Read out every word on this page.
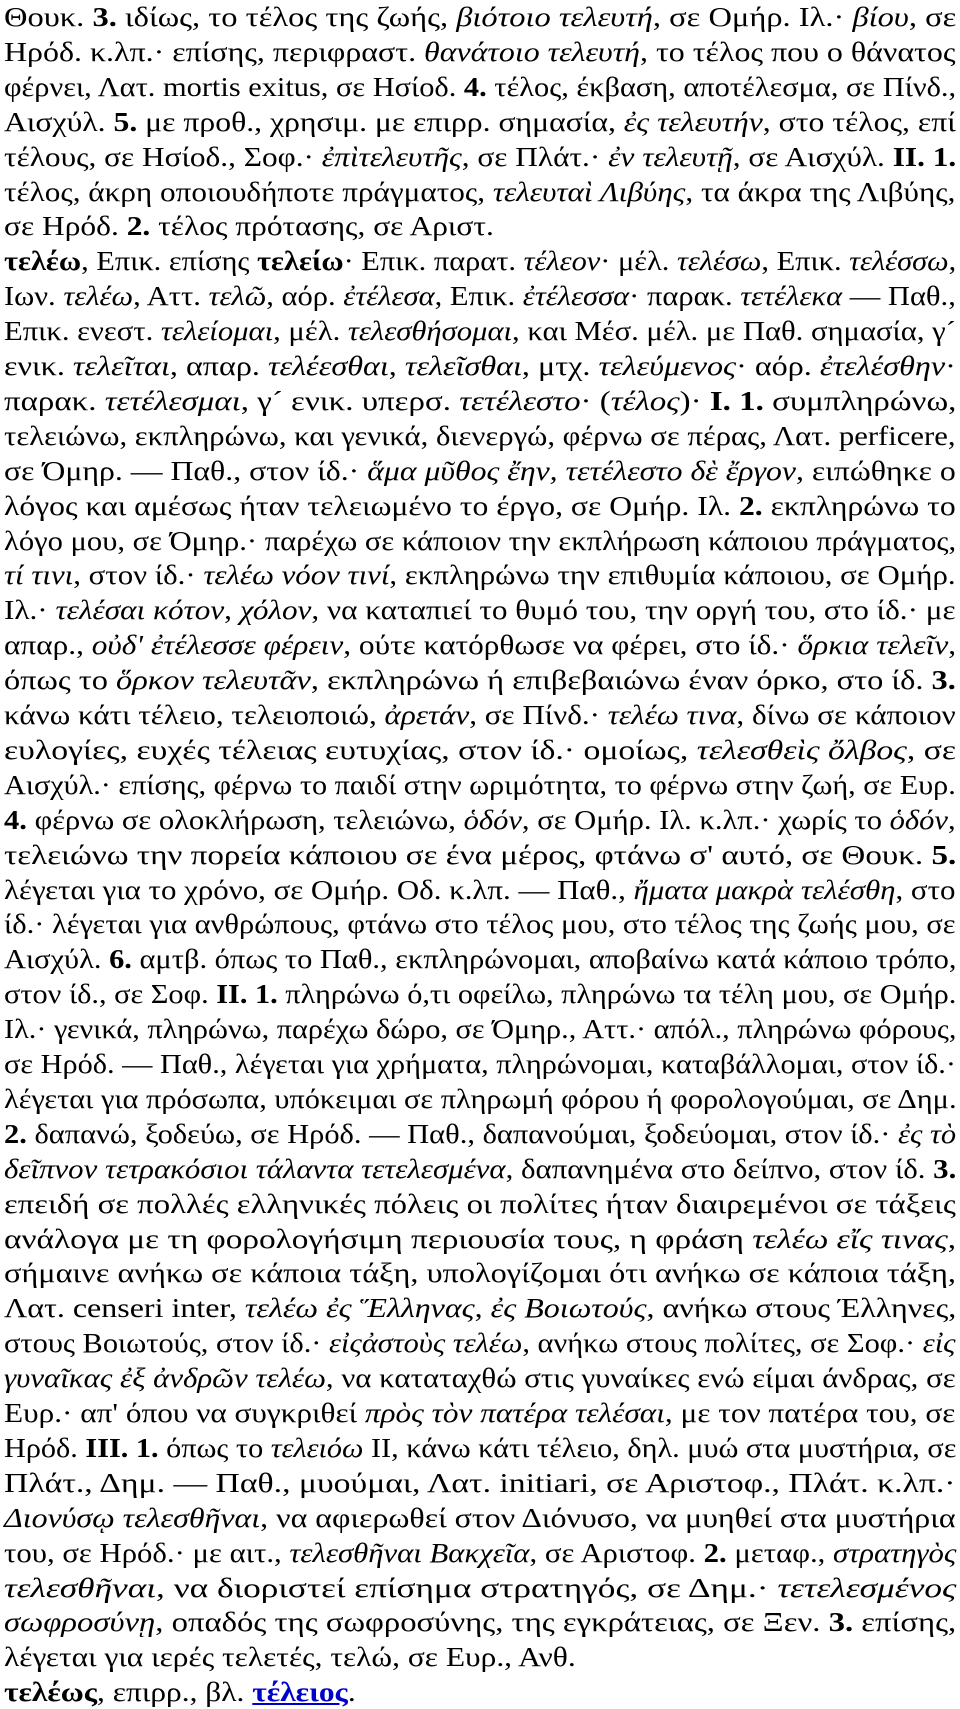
Θουκ. 3. ιδίως, το τέλος της ζωής, βιότοιο τελευτή, σε Ομήρ. Ιλ.· βίου, σε
Ηρόδ. κ.λπ.· επίσης, περιφραστ. θανάτοιο τελευτή, το τέλος που ο θάνατος
φέρνει, Λατ. mortis exitus, σε Ησίοδ. 4. τέλος, έκβαση, αποτέλεσμα, σε Πίνδ.,
Αισχύλ. 5. με προθ., χρησιμ. με επιρρ. σημασία, ἐς τελευτήν, στο τέλος, επί
τέλους, σε Ησίοδ., Σοφ.· ἐπὶτελευτῆς, σε Πλάτ.· ἐν τελευτῇ, σε Αισχύλ. II. 1.
τέλος, άκρη οποιουδήποτε πράγματος, τελευταὶ Λιβύης, τα άκρα της Λιβύης,
σε Ηρόδ. 2. τέλος πρότασης, σε Αριστ.
τελέω, Επικ. επίσης τελείω· Επικ. παρατ. τέλεον· μέλ. τελέσω, Επικ. τελέσσω,
Ιων. τελέω, Αττ. τελῶ, αόρ. ἐτέλεσα, Επικ. ἐτέλεσσα· παρακ. τετέλεκα — Παθ.,
Επικ. ενεστ. τελείομαι, μέλ. τελεσθήσομαι, και Μέσ. μέλ. με Παθ. σημασία, γ´
ενικ. τελεῖται, απαρ. τελέεσθαι, τελεῖσθαι, μτχ. τελεύμενος· αόρ. ἐτελέσθην·
παρακ. τετέλεσμαι, γ´ ενικ. υπερσ. τετέλεστο· (τέλος)· I. 1. συμπληρώνω,
τελειώνω, εκπληρώνω, και γενικά, διενεργώ, φέρνω σε πέρας, Λατ. perficere,
σε Όμηρ. — Παθ., στον ίδ.· ἅμα μῦθος ἔην, τετέλεστο δὲ ἔργον, ειπώθηκε ο
λόγος και αμέσως ήταν τελειωμένο το έργο, σε Ομήρ. Ιλ. 2. εκπληρώνω το
λόγο μου, σε Όμηρ.· παρέχω σε κάποιον την εκπλήρωση κάποιου πράγματος,
τί τινι, στον ίδ.· τελέω νόον τινί, εκπληρώνω την επιθυμία κάποιου, σε Ομήρ.
Ιλ.· τελέσαι κότον, χόλον, να καταπιεί το θυμό του, την οργή του, στο ίδ.· με
απαρ., οὐδ' ἐτέλεσσε φέρειν, ούτε κατόρθωσε να φέρει, στο ίδ.· ὅρκια τελεῖν,
όπως το ὅρκον τελευτᾶν, εκπληρώνω ή επιβεβαιώνω έναν όρκο, στο ίδ. 3.
κάνω κάτι τέλειο, τελειοποιώ, ἀρετάν, σε Πίνδ.· τελέω τινα, δίνω σε κάποιον
ευλογίες, ευχές τέλειας ευτυχίας, στον ίδ.· ομοίως, τελεσθεὶς ὄλβος, σε
Αισχύλ.· επίσης, φέρνω το παιδί στην ωριμότητα, το φέρνω στην ζωή, σε Ευρ.
4. φέρνω σε ολοκλήρωση, τελειώνω, ὁδόν, σε Ομήρ. Ιλ. κ.λπ.· χωρίς το ὁδόν,
τελειώνω την πορεία κάποιου σε ένα μέρος, φτάνω σ' αυτό, σε Θουκ. 5.
λέγεται για το χρόνο, σε Ομήρ. Οδ. κ.λπ. — Παθ., ἤματα μακρὰ τελέσθη, στο
ίδ.· λέγεται για ανθρώπους, φτάνω στο τέλος μου, στο τέλος της ζωής μου, σε
Αισχύλ. 6. αμτβ. όπως το Παθ., εκπληρώνομαι, αποβαίνω κατά κάποιο τρόπο,
στον ίδ., σε Σοφ. II. 1. πληρώνω ό,τι οφείλω, πληρώνω τα τέλη μου, σε Ομήρ.
Ιλ.· γενικά, πληρώνω, παρέχω δώρο, σε Όμηρ., Αττ.· απόλ., πληρώνω φόρους,
σε Ηρόδ. — Παθ., λέγεται για χρήματα, πληρώνομαι, καταβάλλομαι, στον ίδ.·
λέγεται για πρόσωπα, υπόκειμαι σε πληρωμή φόρου ή φορολογούμαι, σε Δημ.
2. δαπανώ, ξοδεύω, σε Ηρόδ. — Παθ., δαπανούμαι, ξοδεύομαι, στον ίδ.· ἐς τὸ
δεῖπνον τετρακόσιοι τάλαντα τετελεσμένα, δαπανημένα στο δείπνο, στον ίδ. 3.
επειδή σε πολλές ελληνικές πόλεις οι πολίτες ήταν διαιρεμένοι σε τάξεις
ανάλογα με τη φορολογήσιμη περιουσία τους, η φράση τελέω εἴς τινας,
σήμαινε ανήκω σε κάποια τάξη, υπολογίζομαι ότι ανήκω σε κάποια τάξη,
Λατ. censeri inter, τελέω ἐς Ἕλληνας, ἐς Βοιωτούς, ανήκω στους Έλληνες,
στους Βοιωτούς, στον ίδ.· εἰςἀστοὺς τελέω, ανήκω στους πολίτες, σε Σοφ.· εἰς
γυναῖκας ἐξ ἀνδρῶν τελέω, να καταταχθώ στις γυναίκες ενώ είμαι άνδρας, σε
Ευρ.· απ' όπου να συγκριθεί πρὸς τὸν πατέρα τελέσαι, με τον πατέρα του, σε
Ηρόδ. III. 1. όπως το τελειόω II, κάνω κάτι τέλειο, δηλ. μυώ στα μυστήρια, σε
Πλάτ., Δημ. — Παθ., μυούμαι, Λατ. initiari, σε Αριστοφ., Πλάτ. κ.λπ.·
Διονύσῳ τελεσθῆναι, να αφιερωθεί στον Διόνυσο, να μυηθεί στα μυστήρια
του, σε Ηρόδ.· με αιτ., τελεσθῆναι Βακχεῖα, σε Αριστοφ. 2. μεταφ., στρατηγὸς
τελεσθῆναι, να διοριστεί επίσημα στρατηγός, σε Δημ.· τετελεσμένος
σωφροσύνῃ, οπαδός της σωφροσύνης, της εγκράτειας, σε Ξεν. 3. επίσης,
λέγεται για ιερές τελετές, τελώ, σε Ευρ., Ανθ.
τελέως, επιρρ., βλ. τέλειος.
